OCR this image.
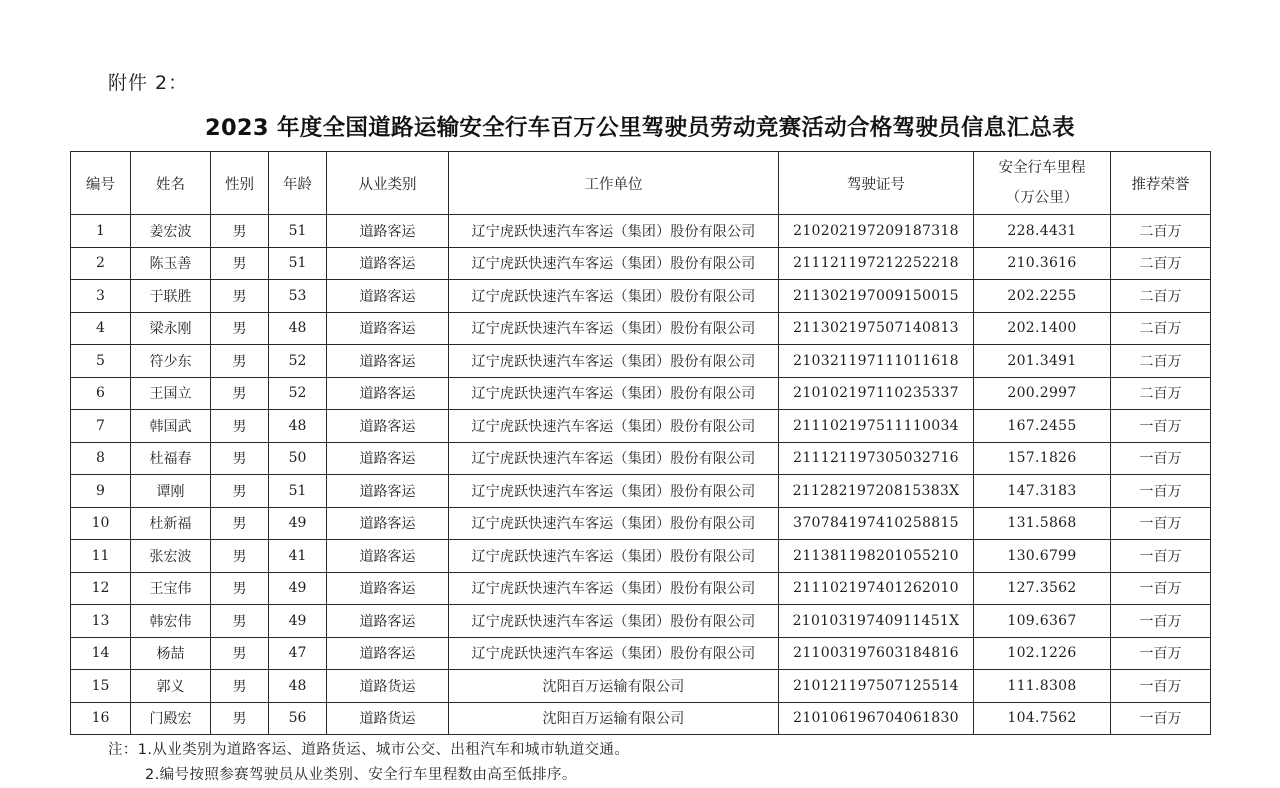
附件 2：
2023 年度全国道路运输安全行车百万公里驾驶员劳动竞赛活动合格驾驶员信息汇总表
编号	姓名	性别	年龄	从业类别	工作单位	驾驶证号	安全行车里程
（万公里）	推荐荣誉
1	姜宏波	男	51	道路客运	辽宁虎跃快速汽车客运（集团）股份有限公司	210202197209187318	228.4431	二百万
2	陈玉善	男	51	道路客运	辽宁虎跃快速汽车客运（集团）股份有限公司	211121197212252218	210.3616	二百万
3	于联胜	男	53	道路客运	辽宁虎跃快速汽车客运（集团）股份有限公司	211302197009150015	202.2255	二百万
4	梁永刚	男	48	道路客运	辽宁虎跃快速汽车客运（集团）股份有限公司	211302197507140813	202.1400	二百万
5	符少东	男	52	道路客运	辽宁虎跃快速汽车客运（集团）股份有限公司	210321197111011618	201.3491	二百万
6	王国立	男	52	道路客运	辽宁虎跃快速汽车客运（集团）股份有限公司	210102197110235337	200.2997	二百万
7	韩国武	男	48	道路客运	辽宁虎跃快速汽车客运（集团）股份有限公司	211102197511110034	167.2455	一百万
8	杜福春	男	50	道路客运	辽宁虎跃快速汽车客运（集团）股份有限公司	211121197305032716	157.1826	一百万
9	谭刚	男	51	道路客运	辽宁虎跃快速汽车客运（集团）股份有限公司	21128219720815383X	147.3183	一百万
10	杜新福	男	49	道路客运	辽宁虎跃快速汽车客运（集团）股份有限公司	370784197410258815	131.5868	一百万
11	张宏波	男	41	道路客运	辽宁虎跃快速汽车客运（集团）股份有限公司	211381198201055210	130.6799	一百万
12	王宝伟	男	49	道路客运	辽宁虎跃快速汽车客运（集团）股份有限公司	211102197401262010	127.3562	一百万
13	韩宏伟	男	49	道路客运	辽宁虎跃快速汽车客运（集团）股份有限公司	21010319740911451X	109.6367	一百万
14	杨喆	男	47	道路客运	辽宁虎跃快速汽车客运（集团）股份有限公司	211003197603184816	102.1226	一百万
15	郭义	男	48	道路货运	沈阳百万运输有限公司	210121197507125514	111.8308	一百万
16	门殿宏	男	56	道路货运	沈阳百万运输有限公司	210106196704061830	104.7562	一百万
注：1.从业类别为道路客运、道路货运、城市公交、出租汽车和城市轨道交通。
2.编号按照参赛驾驶员从业类别、安全行车里程数由高至低排序。
